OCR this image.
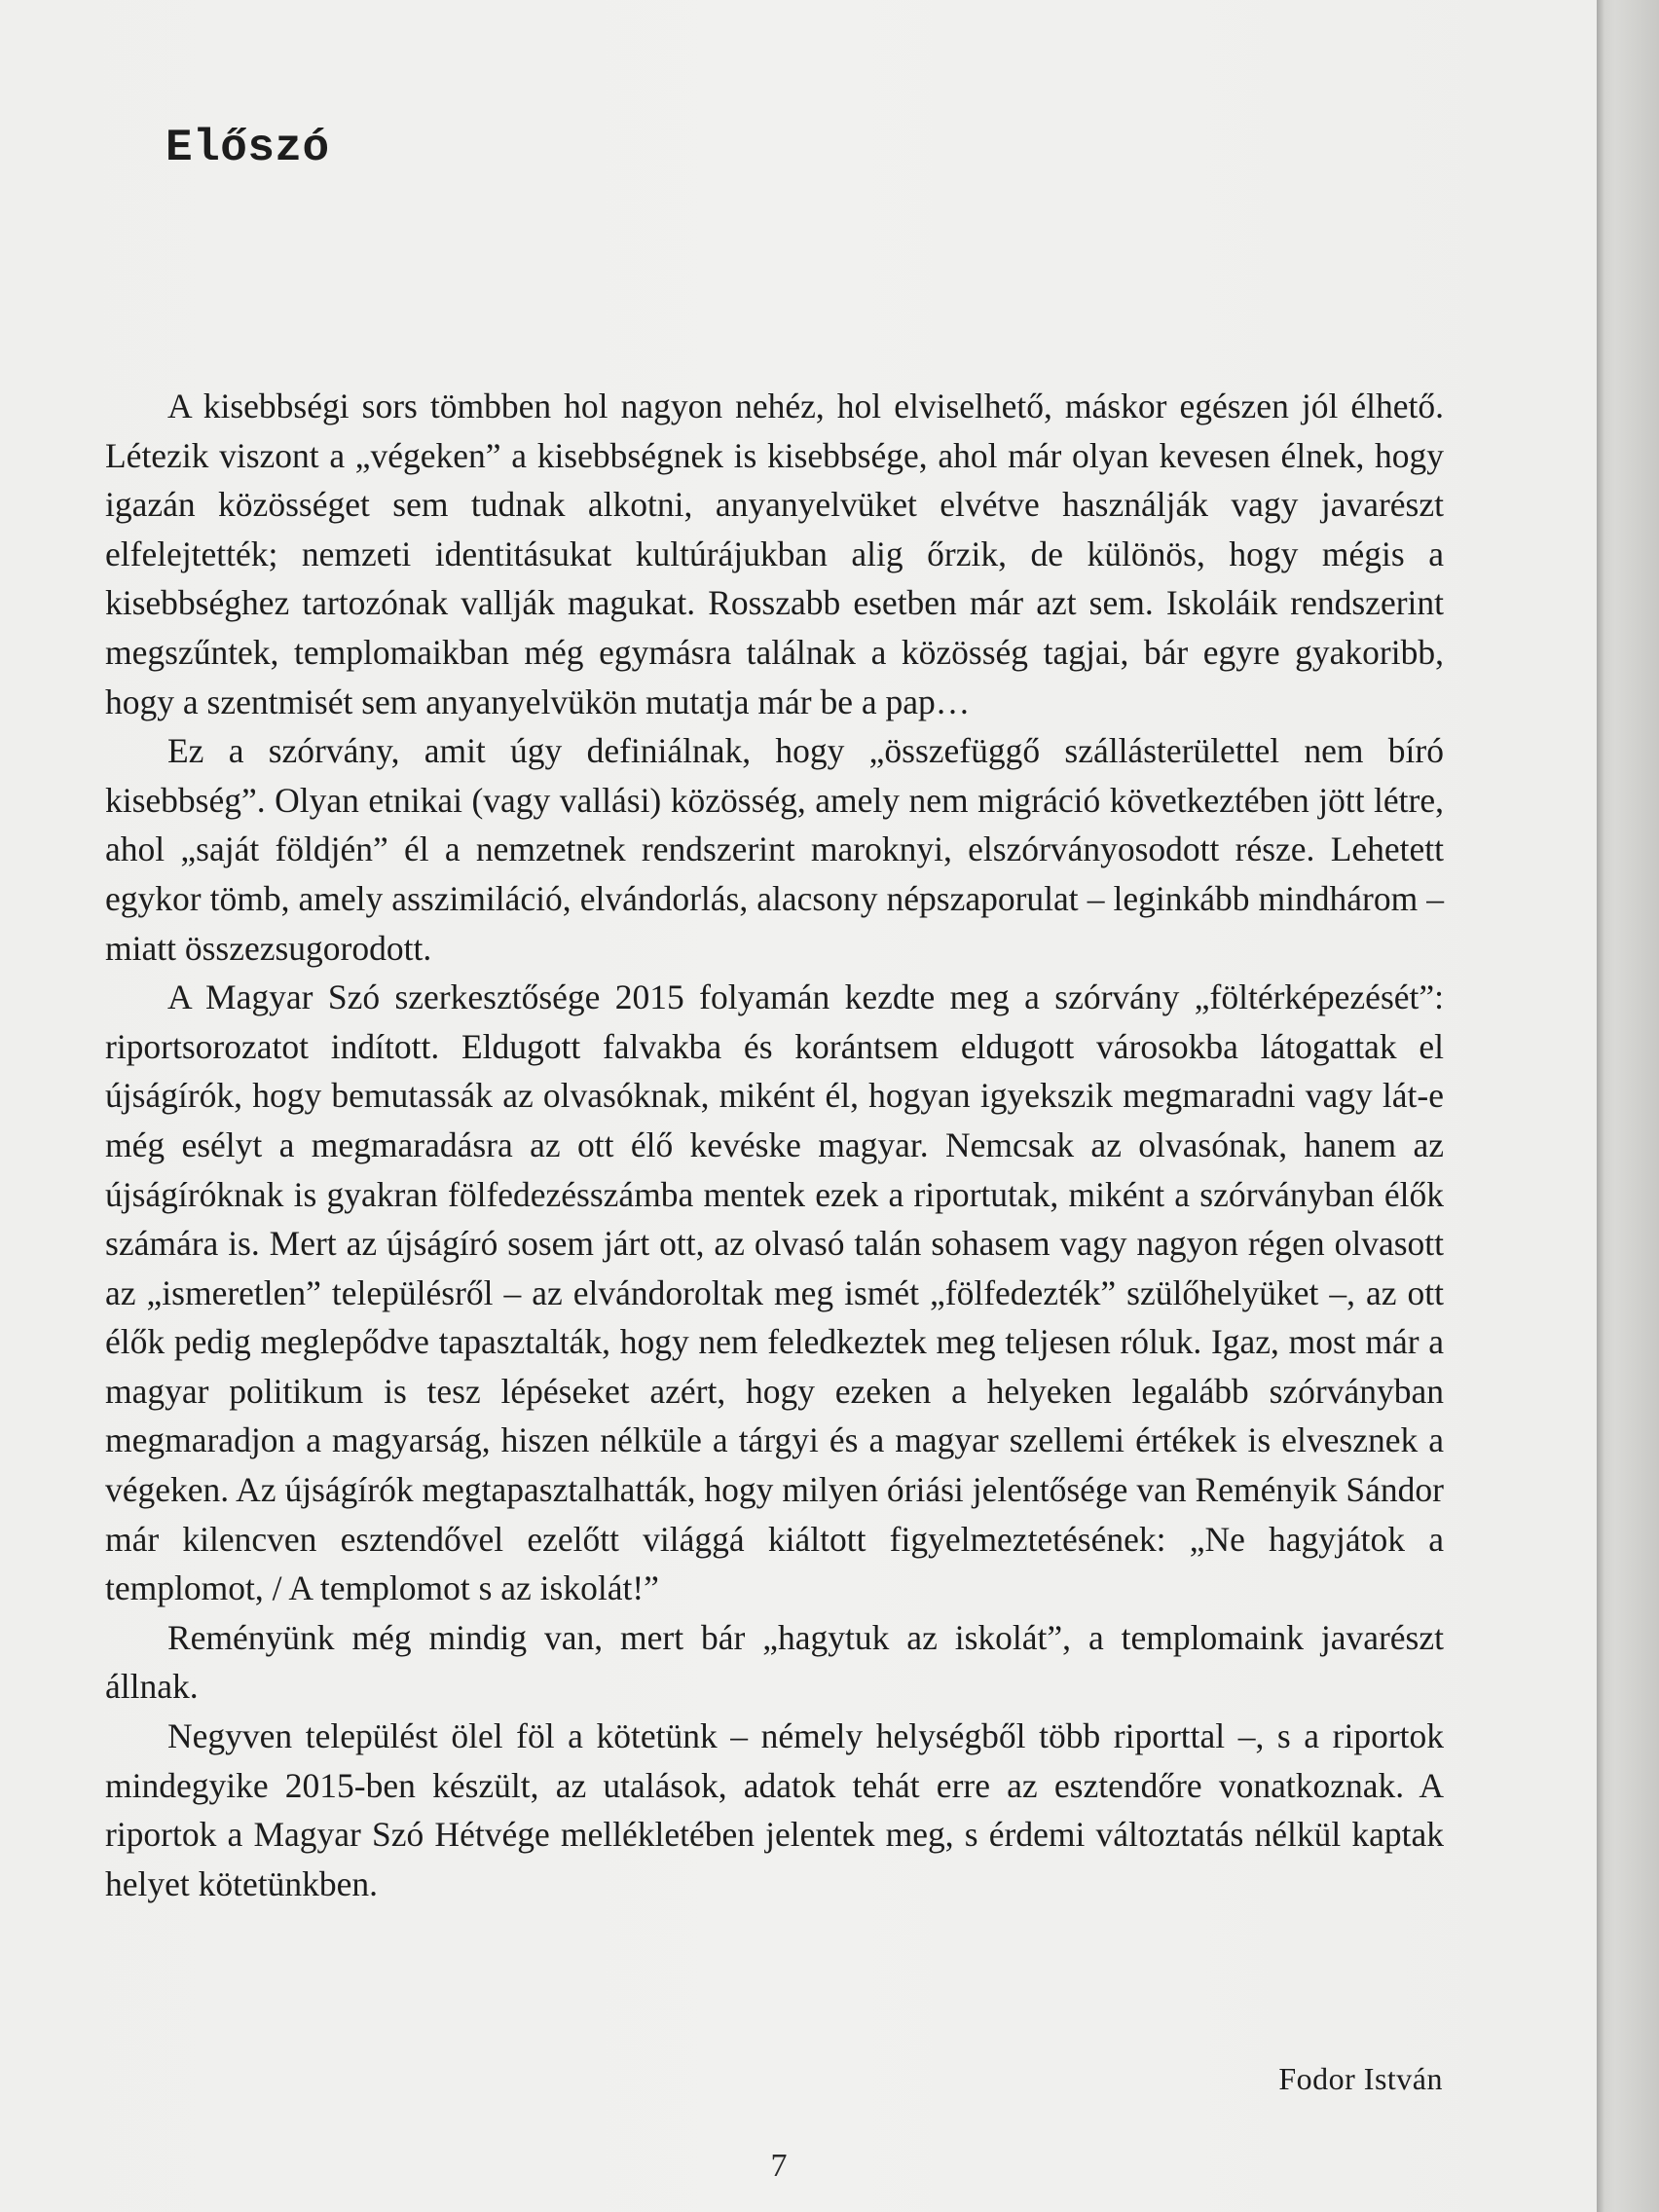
Előszó

A kisebbségi sors tömbben hol nagyon nehéz, hol elviselhető, máskor egészen jól élhető. Létezik viszont a „végeken” a kisebbségnek is kisebbsége, ahol már olyan kevesen élnek, hogy igazán közösséget sem tudnak alkotni, anyanyelvüket elvétve használják vagy javarészt elfelejtették; nemzeti identitásukat kultúrájukban alig őrzik, de különös, hogy mégis a kisebbséghez tartozónak vallják magukat. Rosszabb esetben már azt sem. Iskoláik rendszerint megszűntek, templomaikban még egymásra találnak a közösség tagjai, bár egyre gyakoribb, hogy a szentmisét sem anyanyelvükön mutatja már be a pap…

Ez a szórvány, amit úgy definiálnak, hogy „összefüggő szállásterülettel nem bíró kisebbség”. Olyan etnikai (vagy vallási) közösség, amely nem migráció következtében jött létre, ahol „saját földjén” él a nemzetnek rendszerint maroknyi, elszórványosodott része. Lehetett egykor tömb, amely asszimiláció, elvándorlás, alacsony népszaporulat – leginkább mindhárom – miatt összezsugorodott.

A Magyar Szó szerkesztősége 2015 folyamán kezdte meg a szórvány „föltérképezését”: riportsorozatot indított. Eldugott falvakba és korántsem eldugott városokba látogattak el újságírók, hogy bemutassák az olvasóknak, miként él, hogyan igyekszik megmaradni vagy lát-e még esélyt a megmaradásra az ott élő kevéske magyar. Nemcsak az olvasónak, hanem az újságíróknak is gyakran fölfedezésszámba mentek ezek a riportutak, miként a szórványban élők számára is. Mert az újságíró sosem járt ott, az olvasó talán sohasem vagy nagyon régen olvasott az „ismeretlen” településről – az elvándoroltak meg ismét „fölfedezték” szülőhelyüket –, az ott élők pedig meglepődve tapasztalták, hogy nem feledkeztek meg teljesen róluk. Igaz, most már a magyar politikum is tesz lépéseket azért, hogy ezeken a helyeken legalább szórványban megmaradjon a magyarság, hiszen nélküle a tárgyi és a magyar szellemi értékek is elvesznek a végeken. Az újságírók megtapasztalhatták, hogy milyen óriási jelentősége van Reményik Sándor már kilencven esztendővel ezelőtt világgá kiáltott figyelmeztetésének: „Ne hagyjátok a templomot, / A templomot s az iskolát!”

Reményünk még mindig van, mert bár „hagytuk az iskolát”, a templomaink javarészt állnak.

Negyven települést ölel föl a kötetünk – némely helységből több riporttal –, s a riportok mindegyike 2015-ben készült, az utalások, adatok tehát erre az esztendőre vonatkoznak. A riportok a Magyar Szó Hétvége mellékletében jelentek meg, s érdemi változtatás nélkül kaptak helyet kötetünkben.

Fodor István
7
